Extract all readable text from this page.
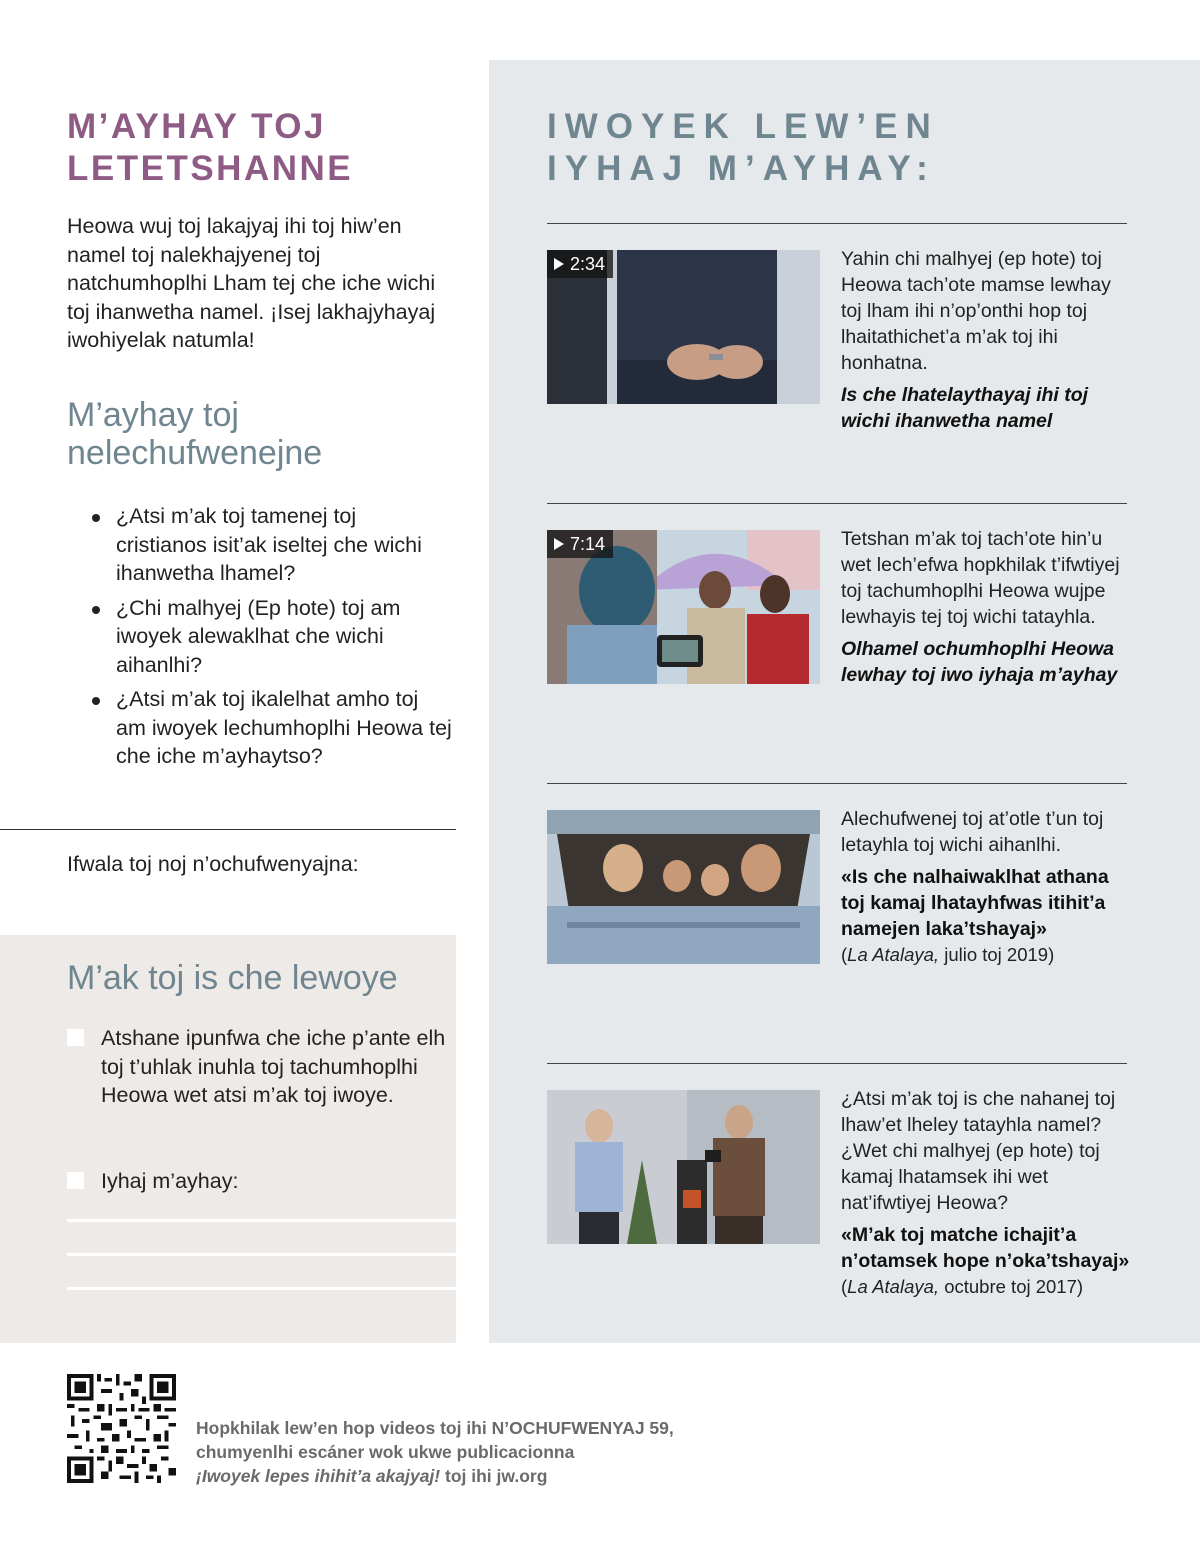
M’AYHAY TOJ
LETETSHANNE

Heowa wuj toj lakajyaj ihi toj hiw’en namel toj nalekhajyenej toj natchumhoplhi Lham tej che iche wichi toj ihanwetha namel. ¡Isej lakhajyhayaj iwohiyelak natumla!

M’ayhay toj
nelechufwenejne
¿Atsi m’ak toj tamenej toj cristianos isit’ak iseltej che wichi ihanwetha lhamel?
¿Chi malhyej (Ep hote) toj am iwoyek alewaklhat che wichi aihanlhi?
¿Atsi m’ak toj ikalelhat amho toj am iwoyek lechumhoplhi Heowa tej che iche m’ayhaytso?

Ifwala toj noj n’ochufwenyajna:

M’ak toj is che lewoye
Atshane ipunfwa che iche p’ante elh toj t’uhlak inuhla toj tachumhoplhi Heowa wet atsi m’ak toj iwoye.
Iyhaj m’ayhay:
IWOYEK LEW’EN
IYHAJ M’AYHAY:
2:34	Yahin chi malhyej (ep hote) toj Heowa tach’ote mamse lewhay toj lham ihi n’op’onthi hop toj lhaitathichet’a m’ak toj ihi honhatna.

Is che lhatelaythayaj ihi toj wichi ihanwetha namel

7:14	Tetshan m’ak toj tach’ote hin’u wet lech’efwa hopkhilak t’ifwtiyej toj tachumhoplhi Heowa wujpe lewhayis tej toj wichi tatayhla.

Olhamel ochumhoplhi Heowa lewhay toj iwo iyhaja m’ayhay

Alechufwenej toj at’otle t’un toj letayhla toj wichi aihanlhi.

«Is che nalhaiwaklhat athana toj kamaj lhatayhfwas itihit’a namejen laka’tshayaj»
(La Atalaya, julio toj 2019)

¿Atsi m’ak toj is che nahanej toj lhaw’et lheley tatayhla namel? ¿Wet chi malhyej (ep hote) toj kamaj lhatamsek ihi wet nat’ifwtiyej Heowa?

«M’ak toj matche ichajit’a n’otamsek hope n’oka’tshayaj»
(La Atalaya, octubre toj 2017)

Hopkhilak lew’en hop videos toj ihi N’OCHUFWENYAJ 59,
chumyenlhi escáner wok ukwe publicacionna
¡Iwoyek lepes ihihit’a akajyaj! toj ihi jw.org
